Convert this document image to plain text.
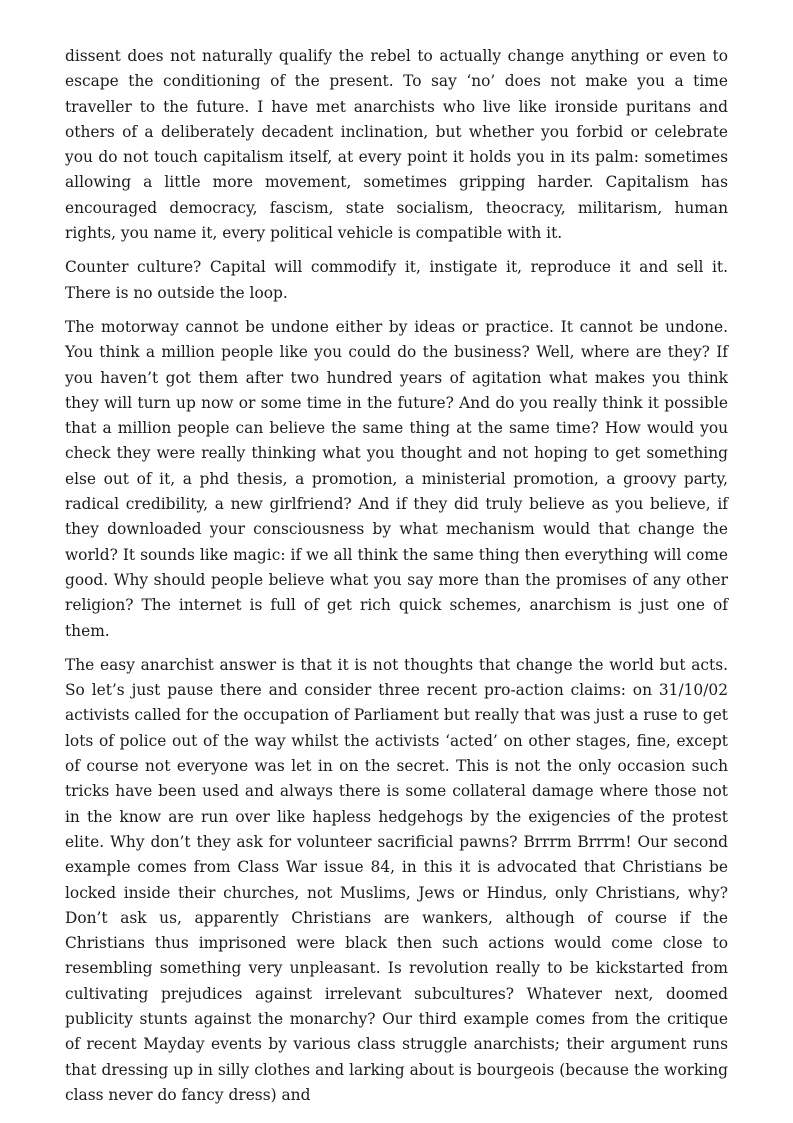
dissent does not naturally qualify the rebel to actually change anything or even to escape the conditioning of the present. To say ‘no’ does not make you a time traveller to the future. I have met anarchists who live like ironside puritans and others of a deliberately decadent inclination, but whether you forbid or celebrate you do not touch capitalism itself, at every point it holds you in its palm: sometimes allowing a little more movement, sometimes gripping harder. Capitalism has encouraged democracy, fascism, state socialism, theocracy, militarism, human rights, you name it, every political vehicle is compatible with it.

Counter culture? Capital will commodify it, instigate it, reproduce it and sell it. There is no outside the loop.

The motorway cannot be undone either by ideas or practice. It cannot be undone. You think a million people like you could do the business? Well, where are they? If you haven’t got them after two hundred years of agitation what makes you think they will turn up now or some time in the future? And do you really think it possible that a million people can believe the same thing at the same time? How would you check they were really thinking what you thought and not hoping to get something else out of it, a phd thesis, a promotion, a ministerial promotion, a groovy party, radical credibility, a new girlfriend? And if they did truly believe as you believe, if they downloaded your consciousness by what mechanism would that change the world? It sounds like magic: if we all think the same thing then everything will come good. Why should people believe what you say more than the promises of any other religion? The internet is full of get rich quick schemes, anarchism is just one of them.

The easy anarchist answer is that it is not thoughts that change the world but acts. So let’s just pause there and consider three recent pro-action claims: on 31/10/02 activists called for the occupation of Parliament but really that was just a ruse to get lots of police out of the way whilst the activists ‘acted’ on other stages, fine, except of course not everyone was let in on the secret. This is not the only occasion such tricks have been used and always there is some collateral damage where those not in the know are run over like hapless hedgehogs by the exigencies of the protest elite. Why don’t they ask for volunteer sacrificial pawns? Brrrm Brrrm! Our second example comes from Class War issue 84, in this it is advocated that Christians be locked inside their churches, not Muslims, Jews or Hindus, only Christians, why? Don’t ask us, apparently Christians are wankers, although of course if the Christians thus imprisoned were black then such actions would come close to resembling something very unpleasant. Is revolution really to be kickstarted from cultivating prejudices against irrelevant subcultures? Whatever next, doomed publicity stunts against the monarchy? Our third example comes from the critique of recent Mayday events by various class struggle anarchists; their argument runs that dressing up in silly clothes and larking about is bourgeois (because the working class never do fancy dress) and
